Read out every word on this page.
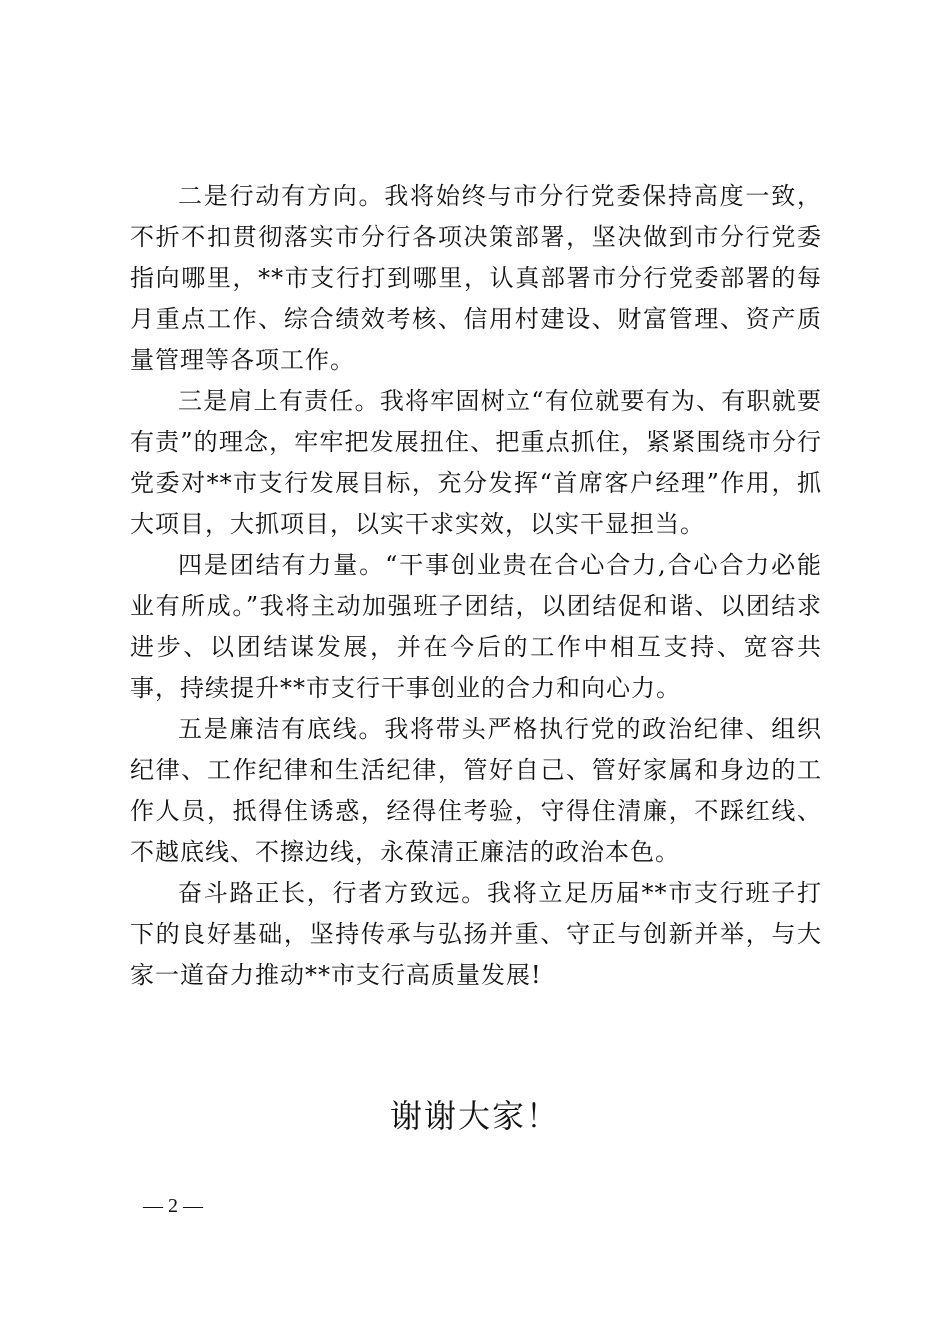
二是行动有方向。我将始终与市分行党委保持高度一致，不折不扣贯彻落实市分行各项决策部署，坚决做到市分行党委指向哪里，**市支行打到哪里，认真部署市分行党委部署的每月重点工作、综合绩效考核、信用村建设、财富管理、资产质量管理等各项工作。

三是肩上有责任。我将牢固树立“有位就要有为、有职就要有责”的理念，牢牢把发展扭住、把重点抓住，紧紧围绕市分行党委对**市支行发展目标，充分发挥“首席客户经理”作用，抓大项目，大抓项目，以实干求实效，以实干显担当。

四是团结有力量。“干事创业贵在合心合力,合心合力必能业有所成。”我将主动加强班子团结，以团结促和谐、以团结求进步、以团结谋发展，并在今后的工作中相互支持、宽容共事，持续提升**市支行干事创业的合力和向心力。

五是廉洁有底线。我将带头严格执行党的政治纪律、组织纪律、工作纪律和生活纪律，管好自己、管好家属和身边的工作人员，抵得住诱惑，经得住考验，守得住清廉，不踩红线、不越底线、不擦边线，永葆清正廉洁的政治本色。

奋斗路正长，行者方致远。我将立足历届**市支行班子打下的良好基础，坚持传承与弘扬并重、守正与创新并举，与大家一道奋力推动**市支行高质量发展!

谢谢大家！
— 2 —
